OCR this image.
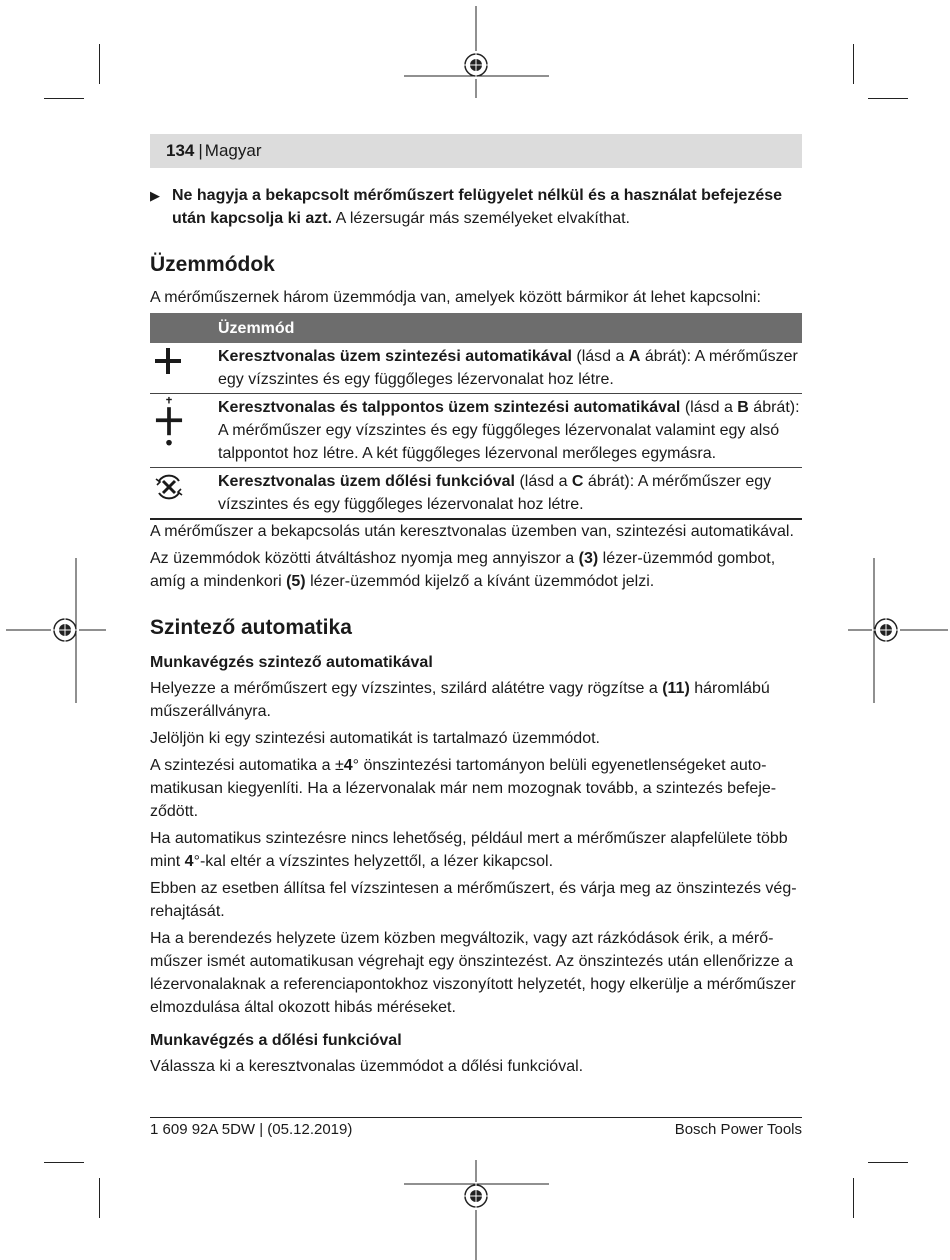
134 | Magyar
▶ Ne hagyja a bekapcsolt mérőműszert felügyelet nélkül és a használat befejezése után kapcsolja ki azt. A lézersugár más személyeket elvakíthat.
Üzemmódok

A mérőműszernek három üzemmódja van, amelyek között bármikor át lehet kapcsolni:

Üzemmód	

	Keresztvonalas üzem szintezési automatikával (lásd a A ábrát): A mérőműszer egy vízszintes és egy függőleges lézervonalat hoz létre.

	Keresztvonalas és talppontos üzem szintezési automatikával (lásd a B ábrát): A mérőműszer egy vízszintes és egy függőleges lézervonalat valamint egy alsó talppontot hoz létre. A két függőleges lézervonal merőleges egymásra.

	Keresztvonalas üzem dőlési funkcióval (lásd a C ábrát): A mérőműszer egy vízszintes és egy függőleges lézervonalat hoz létre.

A mérőműszer a bekapcsolás után keresztvonalas üzemben van, szintezési automatikával.

Az üzemmódok közötti átváltáshoz nyomja meg annyiszor a (3) lézer-üzemmód gombot, amíg a mindenkori (5) lézer-üzemmód kijelző a kívánt üzemmódot jelzi.

Szintező automatika
Munkavégzés szintező automatikával

Helyezze a mérőműszert egy vízszintes, szilárd alátétre vagy rögzítse a (11) háromlábú műszerállványra.

Jelöljön ki egy szintezési automatikát is tartalmazó üzemmódot.

A szintezési automatika a ±4° önszintezési tartományon belüli egyenetlenségeket automatikusan kiegyenlíti. Ha a lézervonalak már nem mozognak tovább, a szintezés befejeződött.

Ha automatikus szintezésre nincs lehetőség, például mert a mérőműszer alapfelülete több mint 4°-kal eltér a vízszintes helyzettől, a lézer kikapcsol.

Ebben az esetben állítsa fel vízszintesen a mérőműszert, és várja meg az önszintezés végrehajtását.

Ha a berendezés helyzete üzem közben megváltozik, vagy azt rázkódások érik, a mérőműszer ismét automatikusan végrehajt egy önszintezést. Az önszintezés után ellenőrizze a lézervonalaknak a referenciapontokhoz viszonyított helyzetét, hogy elkerülje a mérőműszer elmozdulása által okozott hibás méréseket.

Munkavégzés a dőlési funkcióval

Válassza ki a keresztvonalas üzemmódot a dőlési funkcióval.

1 609 92A 5DW | (05.12.2019)	Bosch Power Tools
